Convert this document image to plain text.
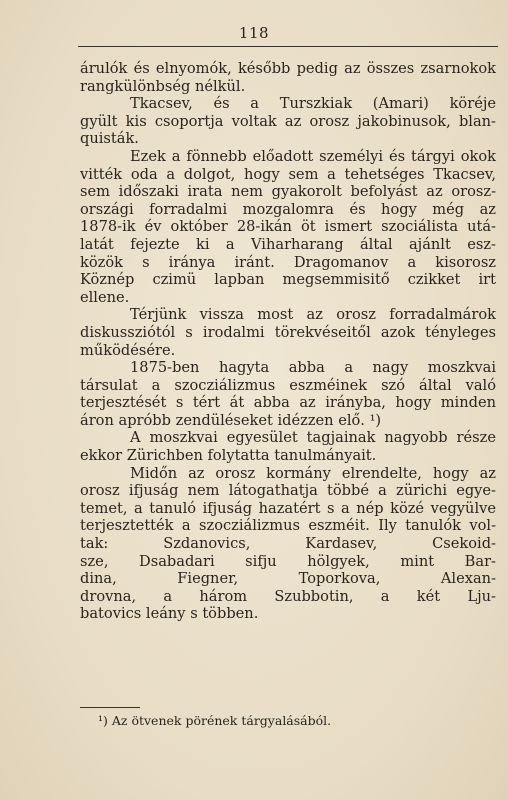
118
árulók és elnyomók, később pedig az összes zsarnokok
rangkülönbség nélkül.
Tkacsev, és a Turszkiak (Amari) köréje
gyült kis csoportja voltak az orosz jakobinusok, blan-
quisták.
Ezek a fönnebb előadott személyi és tárgyi okok
vitték oda a dolgot, hogy sem a tehetséges Tkacsev,
sem időszaki irata nem gyakorolt befolyást az orosz-
országi forradalmi mozgalomra és hogy még az
1878-ik év október 28-ikán öt ismert szociálista utá-
latát fejezte ki a Viharharang által ajánlt esz-
közök s iránya iránt. Dragomanov a kisorosz
Köznép czimü lapban megsemmisitő czikket irt
ellene.
Térjünk vissza most az orosz forradalmárok
diskussziótól s irodalmi törekvéseitől azok tényleges
működésére.
1875-ben hagyta abba a nagy moszkvai
társulat a szocziálizmus eszméinek szó által való
terjesztését s tért át abba az irányba, hogy minden
áron apróbb zendüléseket idézzen elő. ¹)
A moszkvai egyesület tagjainak nagyobb része
ekkor Zürichben folytatta tanulmányait.
Midőn az orosz kormány elrendelte, hogy az
orosz ifjuság nem látogathatja többé a zürichi egye-
temet, a tanuló ifjuság hazatért s a nép közé vegyülve
terjesztették a szocziálizmus eszméit. Ily tanulók vol-
tak: Szdanovics, Kardasev, Csekoid-
sze, Dsabadari sifju hölgyek, mint Bar-
dina, Fiegner, Toporkova, Alexan-
drovna, a három Szubbotin, a két Lju-
batovics leány s többen.
¹) Az ötvenek pörének tárgyalásából.
